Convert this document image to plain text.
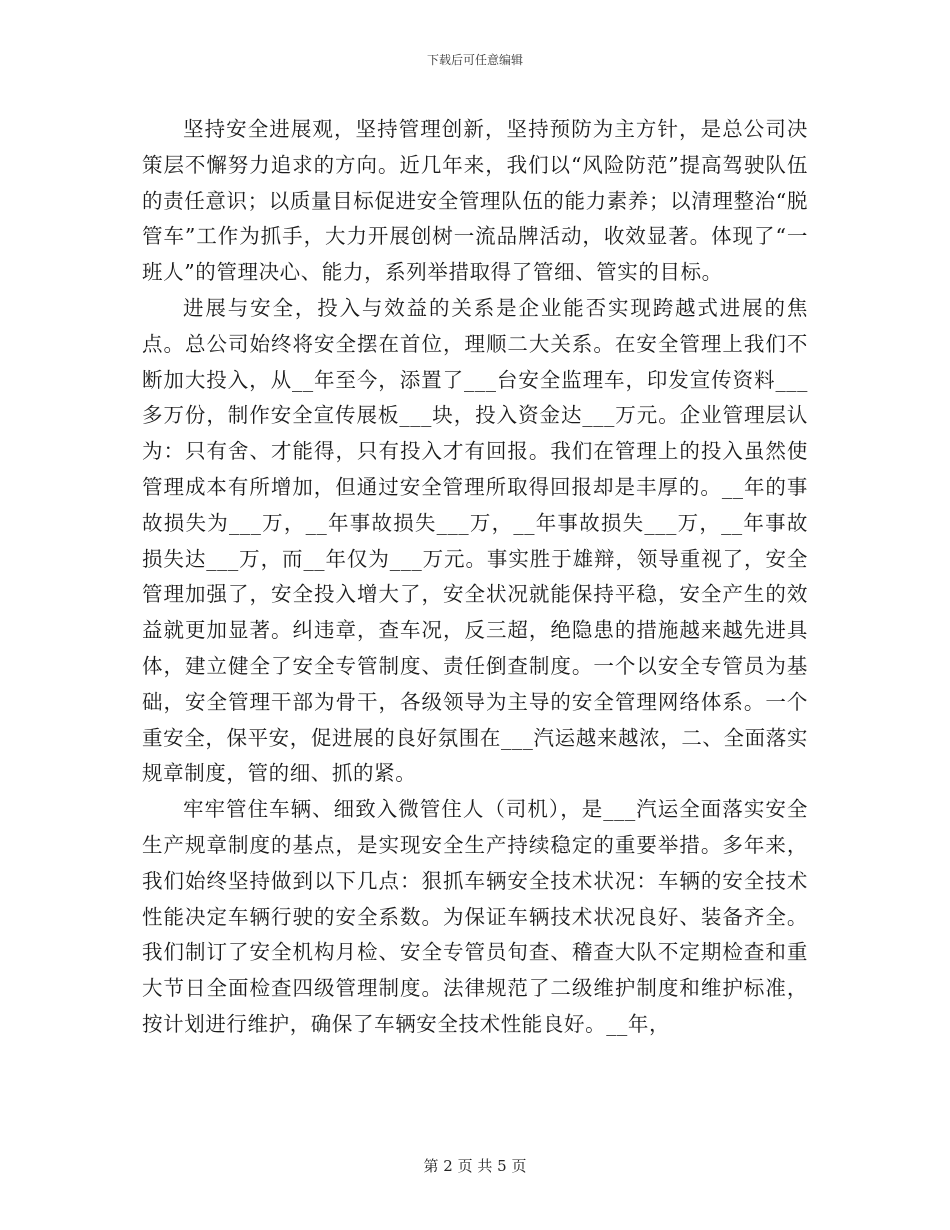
下载后可任意编辑

坚持安全进展观，坚持管理创新，坚持预防为主方针，是总公司决策层不懈努力追求的方向。近几年来，我们以“风险防范”提高驾驶队伍的责任意识；以质量目标促进安全管理队伍的能力素养；以清理整治“脱管车”工作为抓手，大力开展创树一流品牌活动，收效显著。体现了“一班人”的管理决心、能力，系列举措取得了管细、管实的目标。

进展与安全，投入与效益的关系是企业能否实现跨越式进展的焦点。总公司始终将安全摆在首位，理顺二大关系。在安全管理上我们不断加大投入，从__年至今，添置了___台安全监理车，印发宣传资料___多万份，制作安全宣传展板___块，投入资金达___万元。企业管理层认为：只有舍、才能得，只有投入才有回报。我们在管理上的投入虽然使管理成本有所增加，但通过安全管理所取得回报却是丰厚的。__年的事故损失为___万，__年事故损失___万，__年事故损失___万，__年事故损失达___万，而__年仅为___万元。事实胜于雄辩，领导重视了，安全管理加强了，安全投入增大了，安全状况就能保持平稳，安全产生的效益就更加显著。纠违章，查车况，反三超，绝隐患的措施越来越先进具体，建立健全了安全专管制度、责任倒查制度。一个以安全专管员为基础，安全管理干部为骨干，各级领导为主导的安全管理网络体系。一个重安全，保平安，促进展的良好氛围在___汽运越来越浓，二、全面落实规章制度，管的细、抓的紧。

牢牢管住车辆、细致入微管住人（司机），是___汽运全面落实安全生产规章制度的基点，是实现安全生产持续稳定的重要举措。多年来，我们始终坚持做到以下几点：狠抓车辆安全技术状况：车辆的安全技术性能决定车辆行驶的安全系数。为保证车辆技术状况良好、装备齐全。我们制订了安全机构月检、安全专管员旬查、稽查大队不定期检查和重大节日全面检查四级管理制度。法律规范了二级维护制度和维护标准，按计划进行维护，确保了车辆安全技术性能良好。__年，

第 2 页 共 5 页
